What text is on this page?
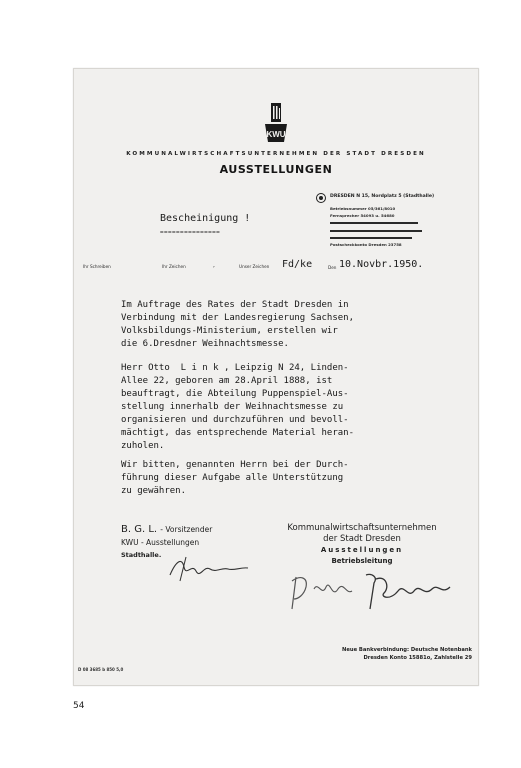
KWU
KOMMUNALWIRTSCHAFTSUNTERNEHMEN DER STADT DRESDEN
AUSSTELLUNGEN
DRESDEN N 15, Nordplatz 5 (Stadthalle)
Betriebsnummer 05/361/8010
Fernsprecher 54093 u. 54680
Postscheckkonto Dresden 23758
Bescheinigung !
===============
Ihr Schreiben	Ihr Zeichen	,	Unser Zeichen Fd/ke	Den 10.Novbr.1950.
Im Auftrage des Rates der Stadt Dresden in
Verbindung mit der Landesregierung Sachsen,
Volksbildungs-Ministerium, erstellen wir
die 6.Dresdner Weihnachtsmesse.
Herr Otto  L i n k , Leipzig N 24, Linden-
Allee 22, geboren am 28.April 1888, ist
beauftragt, die Abteilung Puppenspiel-Aus-
stellung innerhalb der Weihnachtsmesse zu
organisieren und durchzuführen und bevoll-
mächtigt, das entsprechende Material heran-
zuholen.
Wir bitten, genannten Herrn bei der Durch-
führung dieser Aufgabe alle Unterstützung
zu gewähren.
B. G. L. - Vorsitzender
KWU - Ausstellungen
Stadthalle.
Kommunalwirtschaftsunternehmen
der Stadt Dresden
Ausstellungen
Betriebsleitung
Neue Bankverbindung: Deutsche Notenbank
Dresden Konto 15881o, Zahlstelle 29
D 08 3685 b 850 5,0
54
